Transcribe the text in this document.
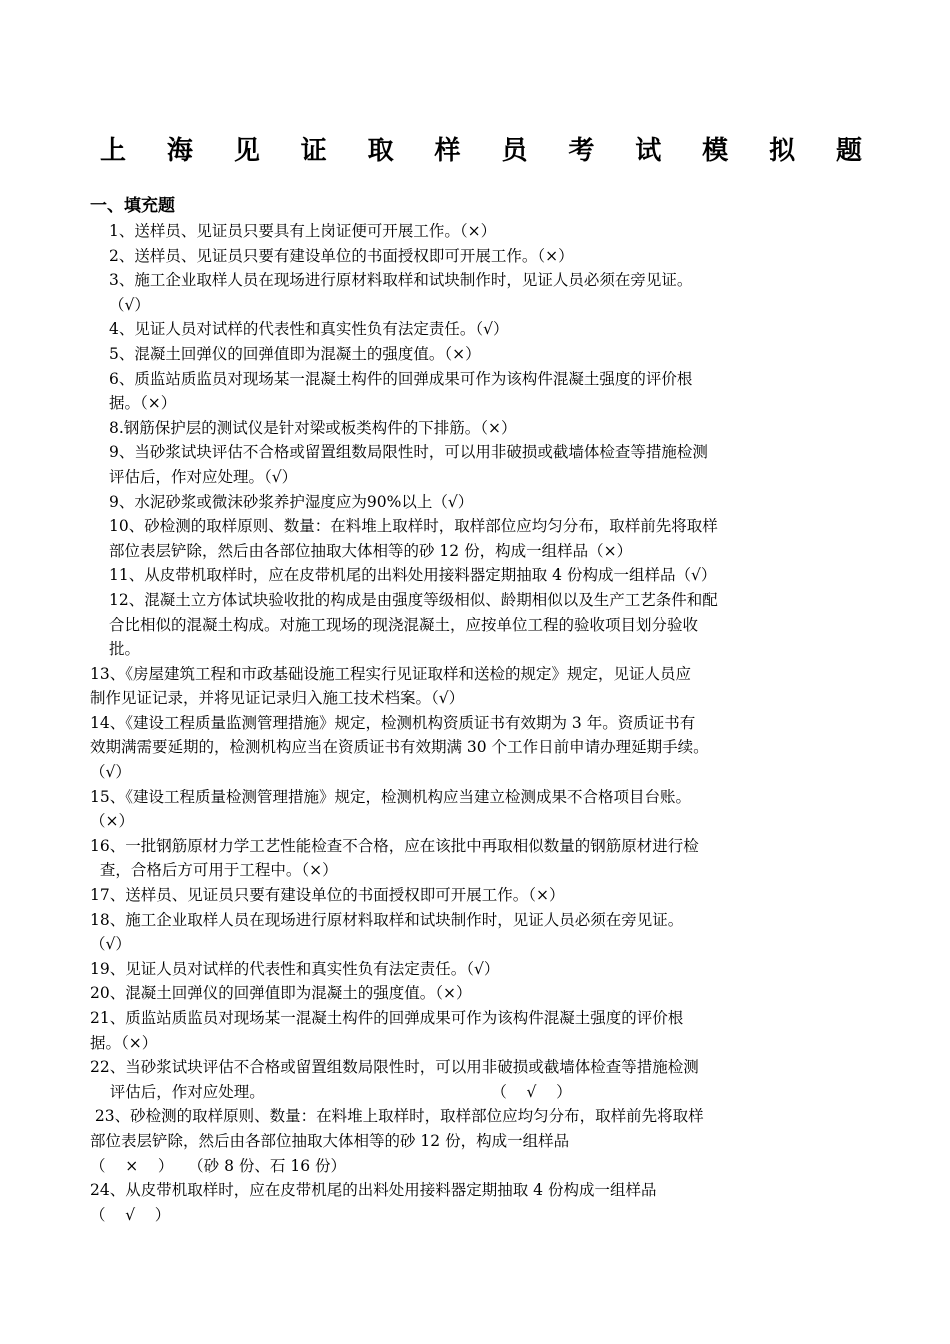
上 海 见 证 取 样 员 考 试 模 拟 题
一、填充题
1、送样员、见证员只要具有上岗证便可开展工作。（×）
2、送样员、见证员只要有建设单位的书面授权即可开展工作。（×）
3、施工企业取样人员在现场进行原材料取样和试块制作时，见证人员必须在旁见证。
（√）
4、见证人员对试样的代表性和真实性负有法定责任。（√）
5、混凝土回弹仪的回弹值即为混凝土的强度值。（×）
6、质监站质监员对现场某一混凝土构件的回弹成果可作为该构件混凝土强度的评价根
据。（×）
8.钢筋保护层的测试仪是针对梁或板类构件的下排筋。（×）
9、当砂浆试块评估不合格或留置组数局限性时，可以用非破损或截墙体检查等措施检测
评估后，作对应处理。（√）
9、水泥砂浆或微沫砂浆养护湿度应为90%以上（√）
10、砂检测的取样原则、数量：在料堆上取样时，取样部位应均匀分布，取样前先将取样
部位表层铲除，然后由各部位抽取大体相等的砂 12 份，构成一组样品（×）
11、从皮带机取样时，应在皮带机尾的出料处用接料器定期抽取 4 份构成一组样品（√）
12、混凝土立方体试块验收批的构成是由强度等级相似、龄期相似以及生产工艺条件和配
合比相似的混凝土构成。对施工现场的现浇混凝土，应按单位工程的验收项目划分验收
批。
13、《房屋建筑工程和市政基础设施工程实行见证取样和送检的规定》规定，见证人员应
制作见证记录，并将见证记录归入施工技术档案。（√）
14、《建设工程质量监测管理措施》规定，检测机构资质证书有效期为 3 年。资质证书有
效期满需要延期的，检测机构应当在资质证书有效期满 30 个工作日前申请办理延期手续。
（√）
15、《建设工程质量检测管理措施》规定，检测机构应当建立检测成果不合格项目台账。
（×）
16、一批钢筋原材力学工艺性能检查不合格，应在该批中再取相似数量的钢筋原材进行检
查，合格后方可用于工程中。（×）
17、送样员、见证员只要有建设单位的书面授权即可开展工作。（×）
18、施工企业取样人员在现场进行原材料取样和试块制作时，见证人员必须在旁见证。
（√）
19、见证人员对试样的代表性和真实性负有法定责任。（√）
20、混凝土回弹仪的回弹值即为混凝土的强度值。（×）
21、质监站质监员对现场某一混凝土构件的回弹成果可作为该构件混凝土强度的评价根
据。（×）
22、当砂浆试块评估不合格或留置组数局限性时，可以用非破损或截墙体检查等措施检测
评估后，作对应处理。                                              （    √    ）
23、砂检测的取样原则、数量：在料堆上取样时，取样部位应均匀分布，取样前先将取样
部位表层铲除，然后由各部位抽取大体相等的砂 12 份，构成一组样品
（    ×    ）   （砂 8 份、石 16 份）
24、从皮带机取样时，应在皮带机尾的出料处用接料器定期抽取 4 份构成一组样品
（    √    ）
